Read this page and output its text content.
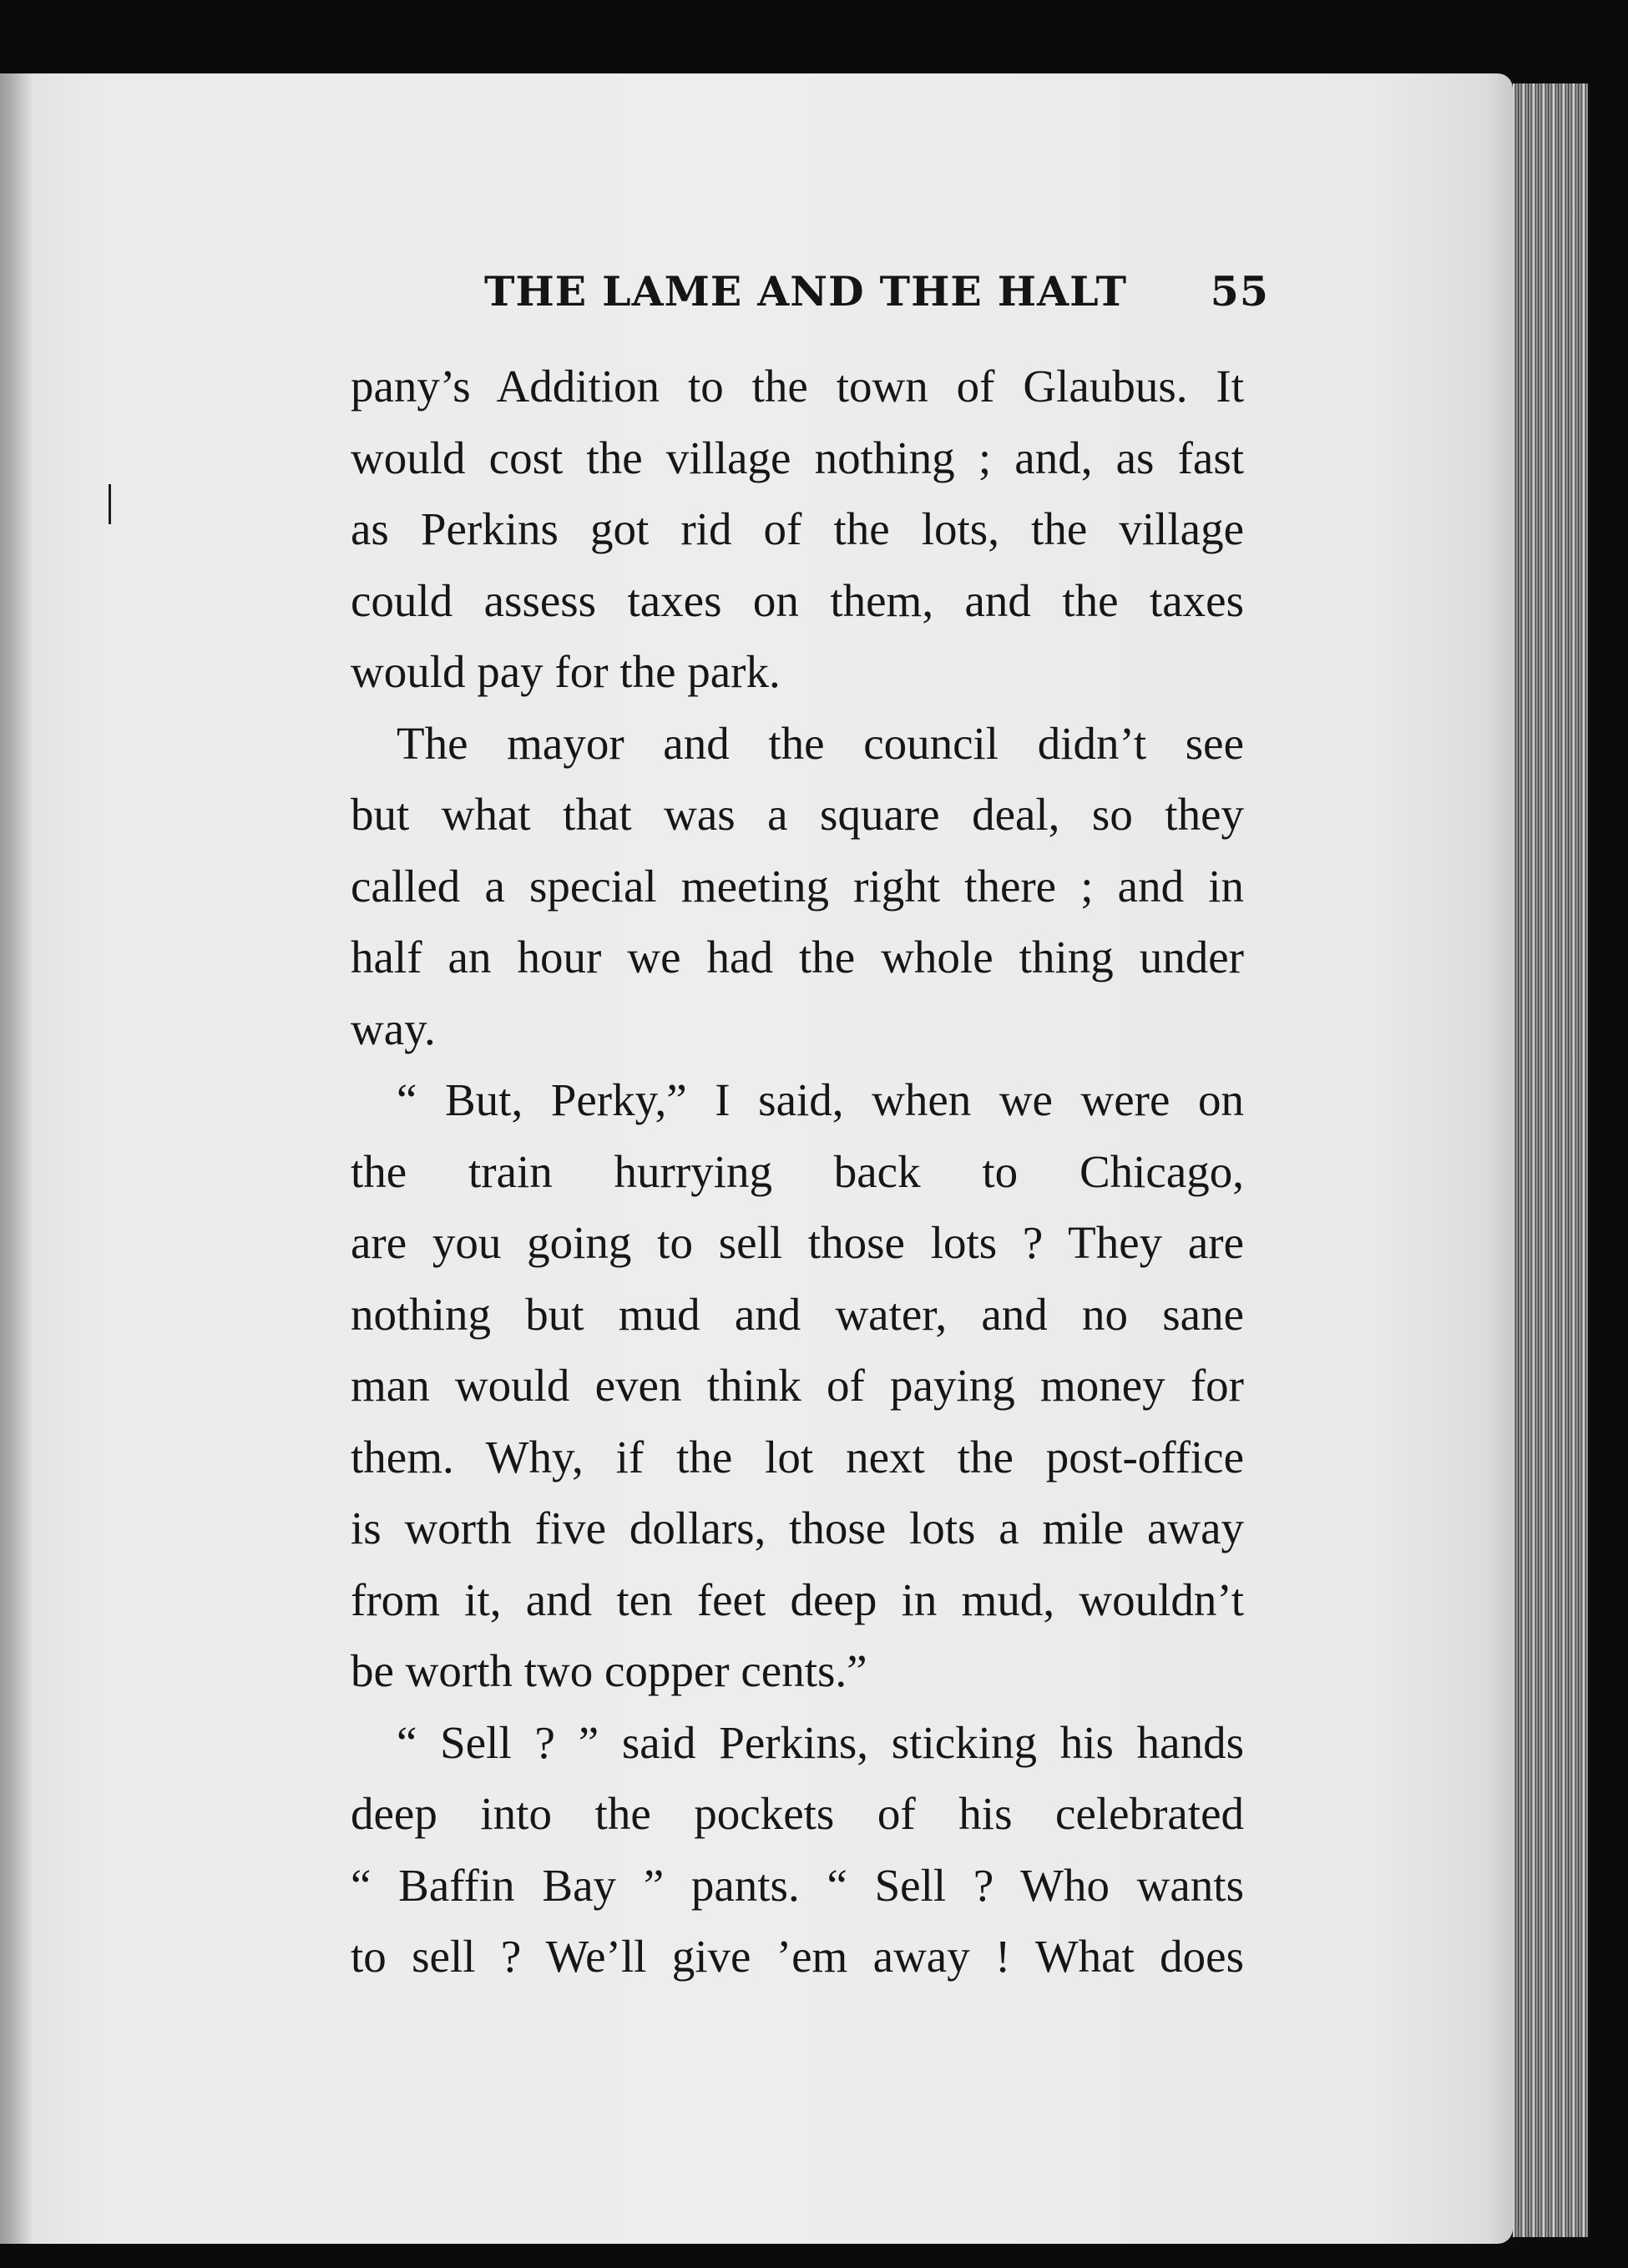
THE LAME AND THE HALT 55
pany’s Addition to the town of Glaubus. It
would cost the village nothing ; and, as fast
as Perkins got rid of the lots, the village
could assess taxes on them, and the taxes
would pay for the park.
The mayor and the council didn’t see
but what that was a square deal, so they
called a special meeting right there ; and in
half an hour we had the whole thing under
way.
“ But, Perky,” I said, when we were on
the train hurrying back to Chicago,
are you going to sell those lots ? They are
nothing but mud and water, and no sane
man would even think of paying money for
them. Why, if the lot next the post-office
is worth five dollars, those lots a mile away
from it, and ten feet deep in mud, wouldn’t
be worth two copper cents.”
“ Sell ? ” said Perkins, sticking his hands
deep into the pockets of his celebrated
“ Baffin Bay ” pants. “ Sell ? Who wants
to sell ? We’ll give ’em away ! What does
